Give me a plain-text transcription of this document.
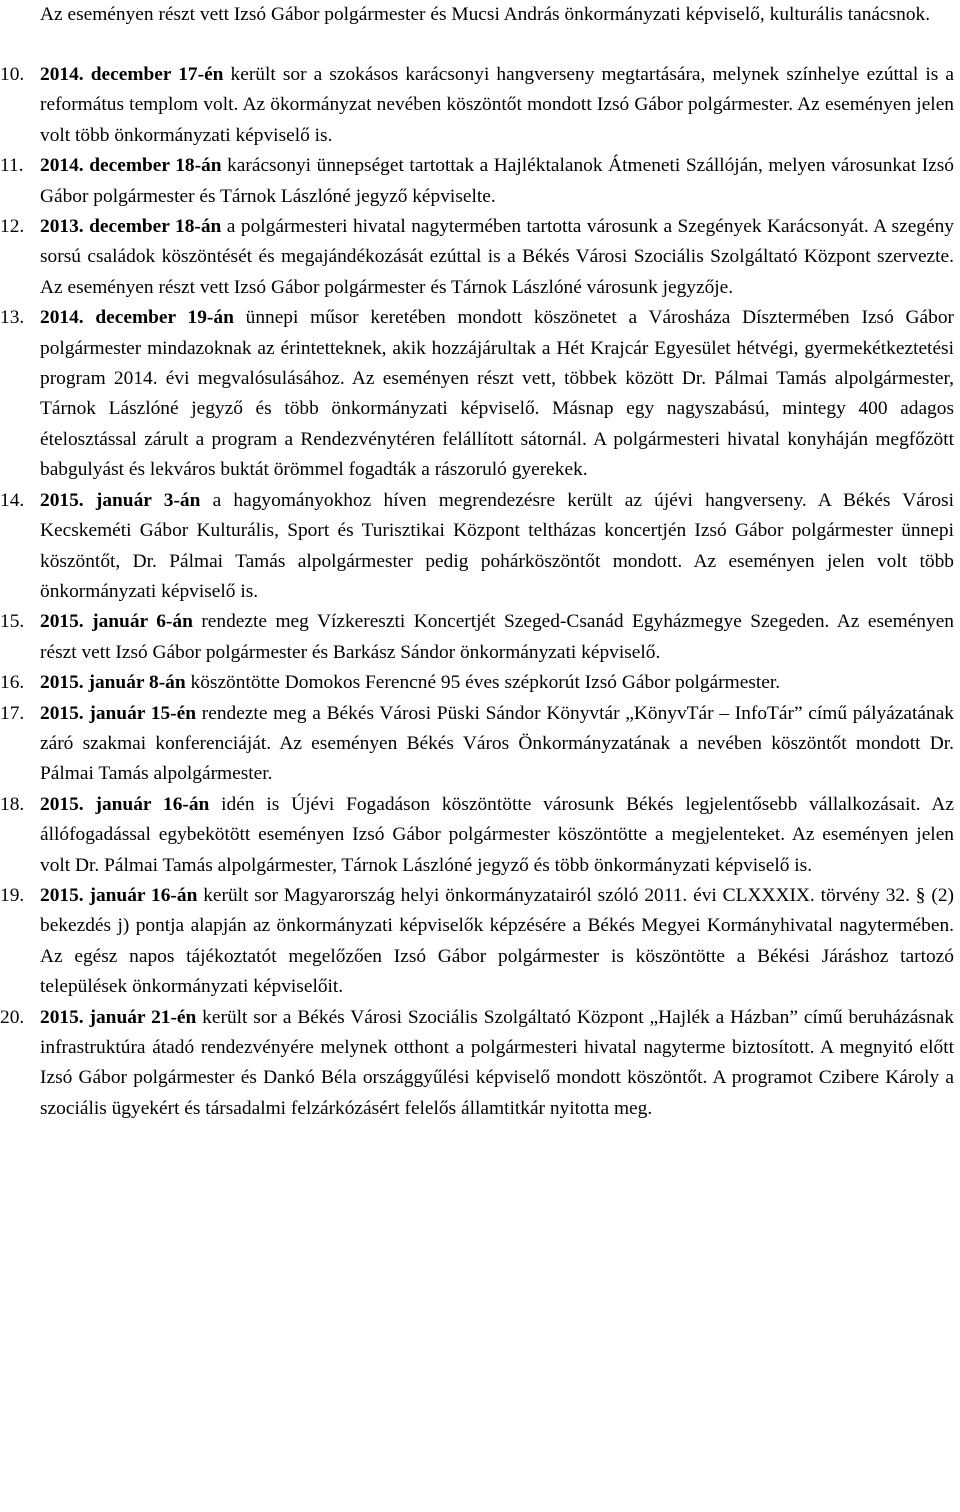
Az eseményen részt vett Izsó Gábor polgármester és Mucsi András önkormányzati képviselő, kulturális tanácsnok.
10. 2014. december 17-én került sor a szokásos karácsonyi hangverseny megtartására, melynek színhelye ezúttal is a református templom volt. Az ökormányzat nevében köszöntőt mondott Izsó Gábor polgármester. Az eseményen jelen volt több önkormányzati képviselő is.
11. 2014. december 18-án karácsonyi ünnepséget tartottak a Hajléktalanok Átmeneti Szállóján, melyen városunkat Izsó Gábor polgármester és Tárnok Lászlóné jegyző képviselte.
12. 2013. december 18-án a polgármesteri hivatal nagytermében tartotta városunk a Szegények Karácsonyát. A szegény sorsú családok köszöntését és megajándékozását ezúttal is a Békés Városi Szociális Szolgáltató Központ szervezte. Az eseményen részt vett Izsó Gábor polgármester és Tárnok Lászlóné városunk jegyzője.
13. 2014. december 19-án ünnepi műsor keretében mondott köszönetet a Városháza Dísztermében Izsó Gábor polgármester mindazoknak az érintetteknek, akik hozzájárultak a Hét Krajcár Egyesület hétvégi, gyermekétkeztetési program 2014. évi megvalósulásához. Az eseményen részt vett, többek között Dr. Pálmai Tamás alpolgármester, Tárnok Lászlóné jegyző és több önkormányzati képviselő. Másnap egy nagyszabású, mintegy 400 adagos ételosztással zárult a program a Rendezvénytéren felállított sátornál. A polgármesteri hivatal konyháján megfőzött babgulyást és lekváros buktát örömmel fogadták a rászoruló gyerekek.
14. 2015. január 3-án a hagyományokhoz híven megrendezésre került az újévi hangverseny. A Békés Városi Kecskeméti Gábor Kulturális, Sport és Turisztikai Központ teltházas koncertjén Izsó Gábor polgármester ünnepi köszöntőt, Dr. Pálmai Tamás alpolgármester pedig pohárköszöntőt mondott. Az eseményen jelen volt több önkormányzati képviselő is.
15. 2015. január 6-án rendezte meg Vízkereszti Koncertjét Szeged-Csanád Egyházmegye Szegeden. Az eseményen részt vett Izsó Gábor polgármester és Barkász Sándor önkormányzati képviselő.
16. 2015. január 8-án köszöntötte Domokos Ferencné 95 éves szépkorút Izsó Gábor polgármester.
17. 2015. január 15-én rendezte meg a Békés Városi Püski Sándor Könyvtár „KönyvTár – InfoTár” című pályázatának záró szakmai konferenciáját. Az eseményen Békés Város Önkormányzatának a nevében köszöntőt mondott Dr. Pálmai Tamás alpolgármester.
18. 2015. január 16-án idén is Újévi Fogadáson köszöntötte városunk Békés legjelentősebb vállalkozásait. Az állófogadással egybekötött eseményen Izsó Gábor polgármester köszöntötte a megjelenteket. Az eseményen jelen volt Dr. Pálmai Tamás alpolgármester, Tárnok Lászlóné jegyző és több önkormányzati képviselő is.
19. 2015. január 16-án került sor Magyarország helyi önkormányzatairól szóló 2011. évi CLXXXIX. törvény 32. § (2) bekezdés j) pontja alapján az önkormányzati képviselők képzésére a Békés Megyei Kormányhivatal nagytermében. Az egész napos tájékoztatót megelőzően Izsó Gábor polgármester is köszöntötte a Békési Járáshoz tartozó települések önkormányzati képviselőit.
20. 2015. január 21-én került sor a Békés Városi Szociális Szolgáltató Központ „Hajlék a Házban” című beruházásnak infrastruktúra átadó rendezvényére melynek otthont a polgármesteri hivatal nagyterme biztosított. A megnyitó előtt Izsó Gábor polgármester és Dankó Béla országgyűlési képviselő mondott köszöntőt. A programot Czibere Károly a szociális ügyekért és társadalmi felzárkózásért felelős államtitkár nyitotta meg.
